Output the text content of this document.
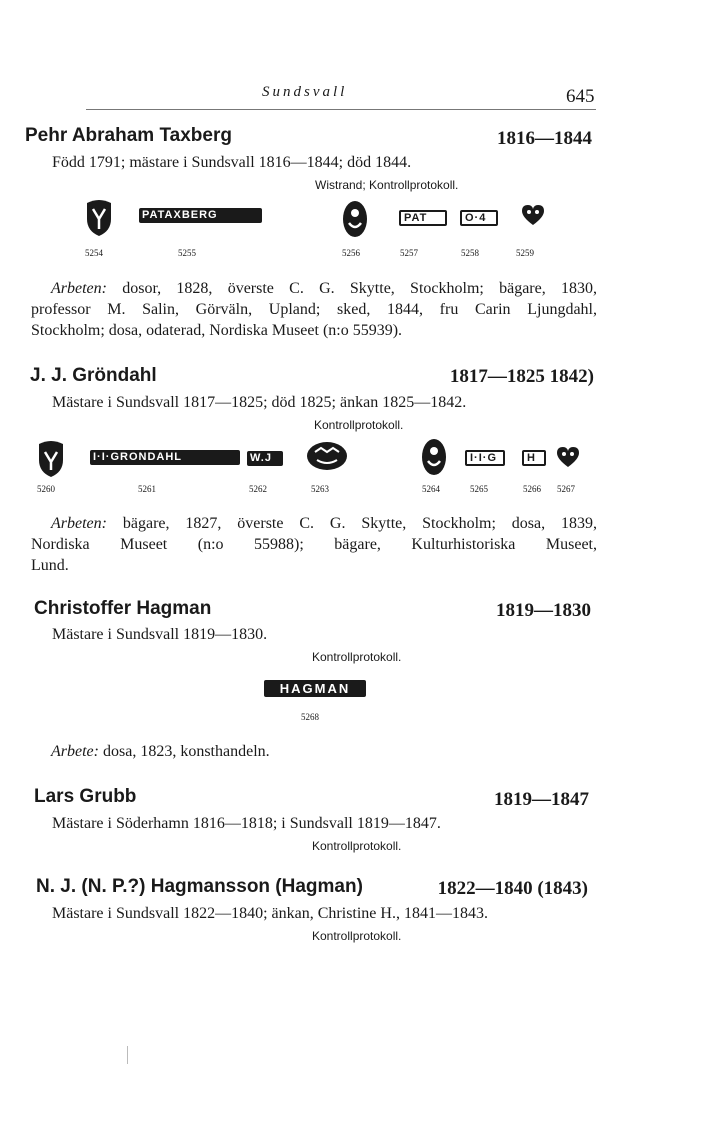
Sundsvall	645
Pehr Abraham Taxberg	1816—1844
Född 1791; mästare i Sundsvall 1816—1844; död 1844.
Wistrand; Kontrollprotokoll.
PATAXBERG	PAT	O·4
5254	5255	5256	5257	5258	5259
Arbeten: dosor, 1828, överste C. G. Skytte, Stockholm; bägare, 1830,
professor M. Salin, Görväln, Upland; sked, 1844, fru Carin Ljungdahl,
Stockholm; dosa, odaterad, Nordiska Museet (n:o 55939).
J. J. Gröndahl	1817—1825 1842)
Mästare i Sundsvall 1817—1825; död 1825; änkan 1825—1842.
Kontrollprotokoll.
I·I·GRONDAHL	W.J	I·I·G	H
5260	5261	5262	5263	5264	5265	5266 5267
Arbeten: bägare, 1827, överste C. G. Skytte, Stockholm; dosa, 1839,
Nordiska Museet (n:o 55988); bägare, Kulturhistoriska Museet,
Lund.
Christoffer Hagman	1819—1830
Mästare i Sundsvall 1819—1830.
Kontrollprotokoll.
HAGMAN
5268
Arbete: dosa, 1823, konsthandeln.
Lars Grubb	1819—1847
Mästare i Söderhamn 1816—1818; i Sundsvall 1819—1847.
Kontrollprotokoll.
N. J. (N. P.?) Hagmansson (Hagman)	1822—1840 (1843)
Mästare i Sundsvall 1822—1840; änkan, Christine H., 1841—1843.
Kontrollprotokoll.
